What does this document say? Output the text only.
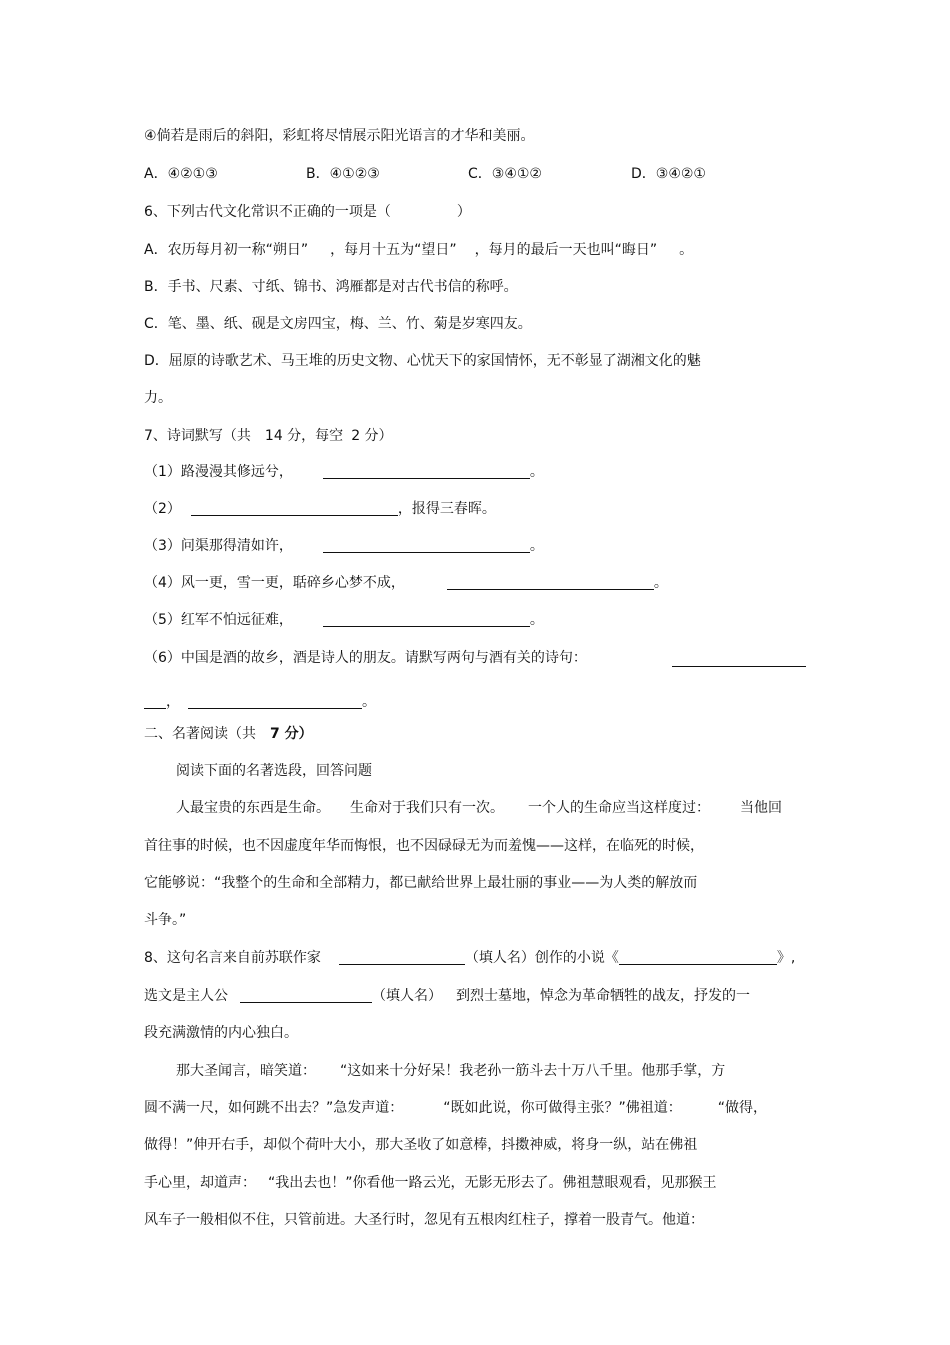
④倘若是雨后的斜阳，彩虹将尽情展示阳光语言的才华和美丽。
A．④②①③	B．④①②③	C．③④①②	D．③④②①
6、下列古代文化常识不正确的一项是（	）
A．农历每月初一称“朔日” ，每月十五为“望日” ，每月的最后一天也叫“晦日” 。
B．手书、尺素、寸纸、锦书、鸿雁都是对古代书信的称呼。
C．笔、墨、纸、砚是文房四宝，梅、兰、竹、菊是岁寒四友。
D．屈原的诗歌艺术、马王堆的历史文物、心忧天下的家国情怀，无不彰显了湖湘文化的魅
力。
7、诗词默写（共 14 分，每空 2 分）
（1）路漫漫其修远兮，	。
（2）	，报得三春晖。
（3）问渠那得清如许，	。
（4）风一更，雪一更，聒碎乡心梦不成，	。
（5）红军不怕远征难，	。
（6）中国是酒的故乡，酒是诗人的朋友。请默写两句与酒有关的诗句：
，	。
二、名著阅读（共 7 分）
阅读下面的名著选段，回答问题
人最宝贵的东西是生命。 生命对于我们只有一次。 一个人的生命应当这样度过： 当他回
首往事的时候，也不因虚度年华而悔恨，也不因碌碌无为而羞愧——这样，在临死的时候，
它能够说：“我整个的生命和全部精力，都已献给世界上最壮丽的事业——为人类的解放而
斗争。”
8、这句名言来自前苏联作家	（填人名）创作的小说《	》,
选文是主人公	（填人名） 到烈士墓地，悼念为革命牺牲的战友，抒发的一
段充满激情的内心独白。
那大圣闻言，暗笑道： “这如来十分好呆！我老孙一筋斗去十万八千里。他那手掌，方
圆不满一尺，如何跳不出去？”急发声道：	“既如此说，你可做得主张？”佛祖道：	“做得，
做得！”伸开右手，却似个荷叶大小，那大圣收了如意棒，抖擞神威，将身一纵，站在佛祖
手心里，却道声： “我出去也！”你看他一路云光，无影无形去了。佛祖慧眼观看，见那猴王
风车子一般相似不住，只管前进。大圣行时，忽见有五根肉红柱子，撑着一股青气。他道：
